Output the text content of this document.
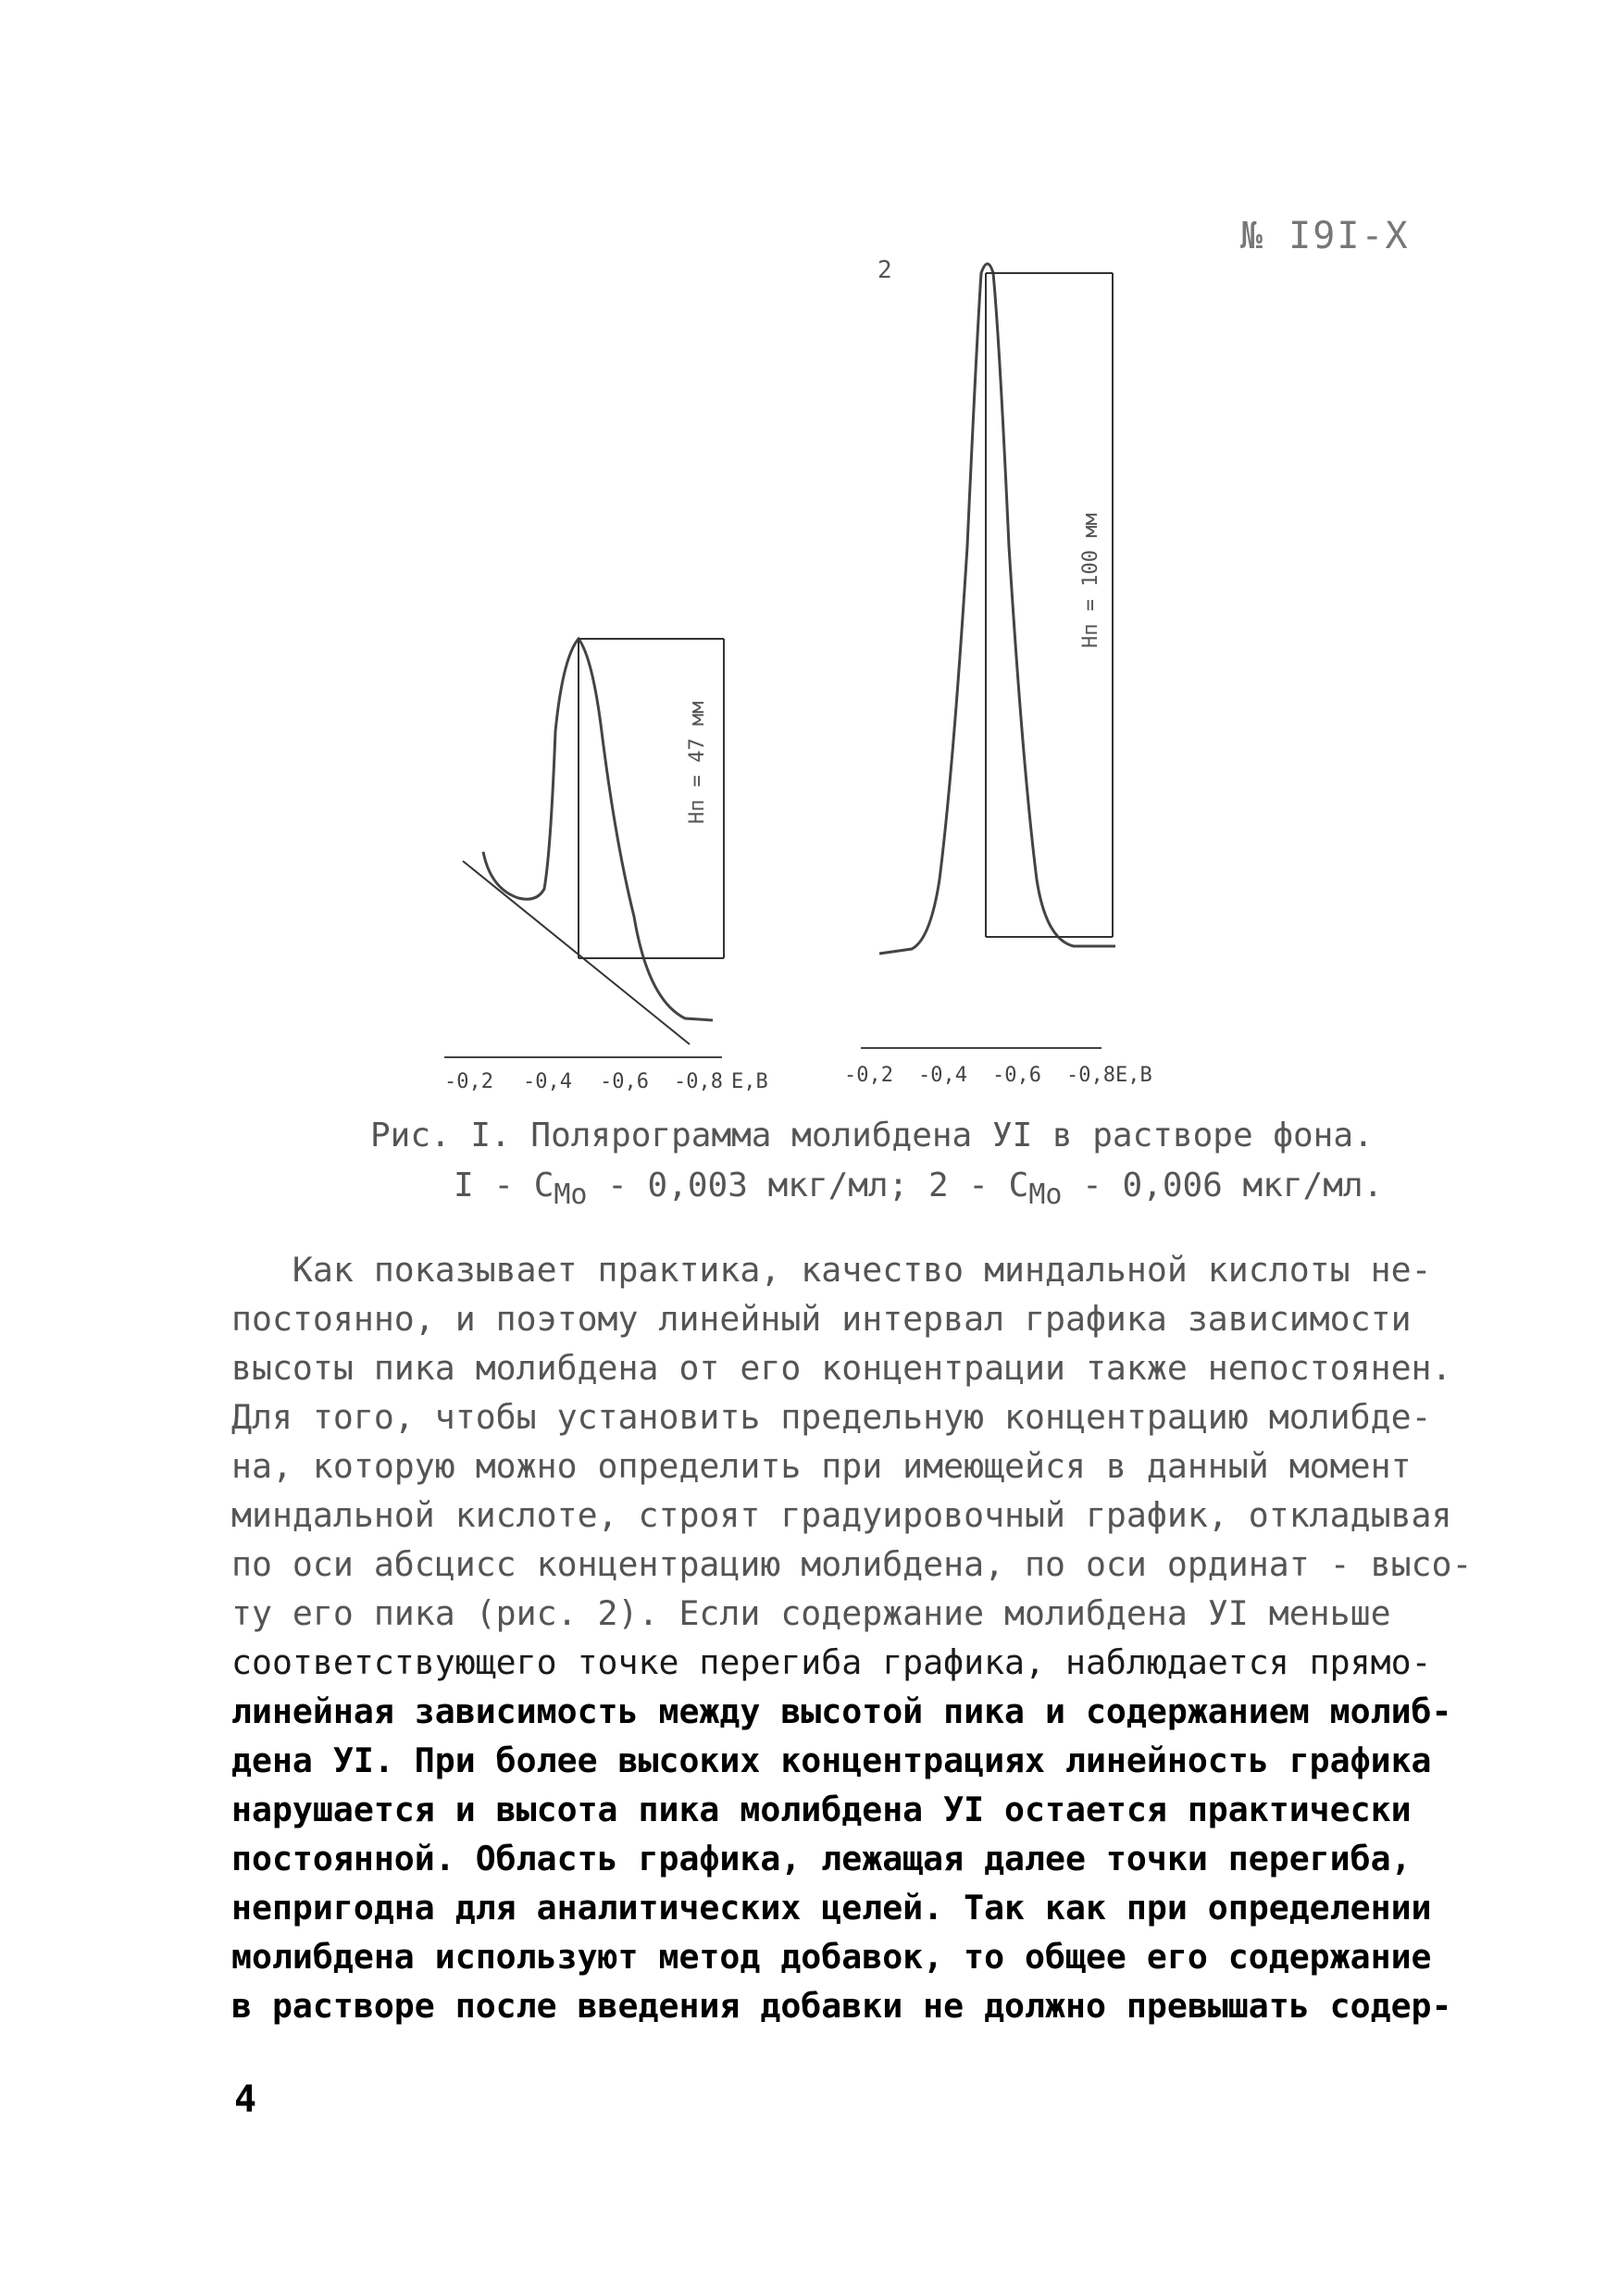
№ I9I-X
Hп = 47 мм
-0,2 -0,4 -0,6 -0,8 E,B
2
Hп = 100 мм
-0,2 -0,4 -0,6 -0,8 E,B
Рис. I. Полярограмма молибдена УI в растворе фона.
I - $C_{Mo} - 0,003$ мкг/мл; $2 - C_{Mo} - 0,006$ мкг/мл.
Как показывает практика, качество миндальной кислоты не-
постоянно, и поэтому линейный интервал графика зависимости
высоты пика молибдена от его концентрации также непостоянен.
Для того, чтобы установить предельную концентрацию молибде-
на, которую можно определить при имеющейся в данный момент
миндальной кислоте, строят градуировочный график, откладывая
по оси абсцисс концентрацию молибдена, по оси ординат - высо-
ту его пика (рис. 2). Если содержание молибдена УI меньше
соответствующего точке перегиба графика, наблюдается прямо-
линейная зависимость между высотой пика и содержанием молиб-
дена УI. При более высоких концентрациях линейность графика
нарушается и высота пика молибдена УI остается практически
постоянной. Область графика, лежащая далее точки перегиба,
непригодна для аналитических целей. Так как при определении
молибдена используют метод добавок, то общее его содержание
в растворе после введения добавки не должно превышать содер-
4
